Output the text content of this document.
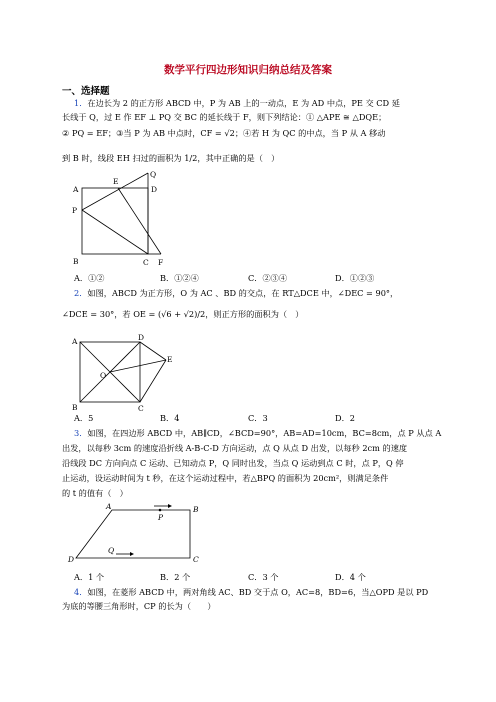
数学平行四边形知识归纳总结及答案
一、选择题
1．在边长为 2 的正方形 ABCD 中，P 为 AB 上的一动点，E 为 AD 中点，PE 交 CD 延
长线于 Q，过 E 作 EF ⊥ PQ 交 BC 的延长线于 F，则下列结论：① △APE ≅ △DQE；
② PQ = EF；③当 P 为 AB 中点时，CF = √2；④若 H 为 QC 的中点，当 P 从 A 移动
到 B 时，线段 EH 扫过的面积为 1/2，其中正确的是（　）
A
E
Q
D
P
B	C F
A．①②	B．①②④	C．②③④	D．①②③
2．如图，ABCD 为正方形，O 为 AC 、BD 的交点，在 RT△DCE 中，∠DEC = 90°，
∠DCE = 30°，若 OE = (√6 + √2)/2，则正方形的面积为（　）
A	D
E
O
B	C
A．5	B．4	C．3	D．2
3．如图，在四边形 ABCD 中，AB∥CD，∠BCD=90°，AB=AD=10cm，BC=8cm，点 P 从点 A
出发，以每秒 3cm 的速度沿折线 A-B-C-D 方向运动，点 Q 从点 D 出发，以每秒 2cm 的速度
沿线段 DC 方向向点 C 运动、已知动点 P，Q 同时出发，当点 Q 运动到点 C 时，点 P，Q 停
止运动，设运动时间为 t 秒，在这个运动过程中，若△BPQ 的面积为 20cm²，则满足条件
的 t 的值有（　）
A	B
P
Q
D	C
A．1 个	B．2 个	C．3 个	D．4 个
4．如图，在菱形 ABCD 中，两对角线 AC、BD 交于点 O，AC=8，BD=6，当△OPD 是以 PD
为底的等腰三角形时，CP 的长为（　　）
